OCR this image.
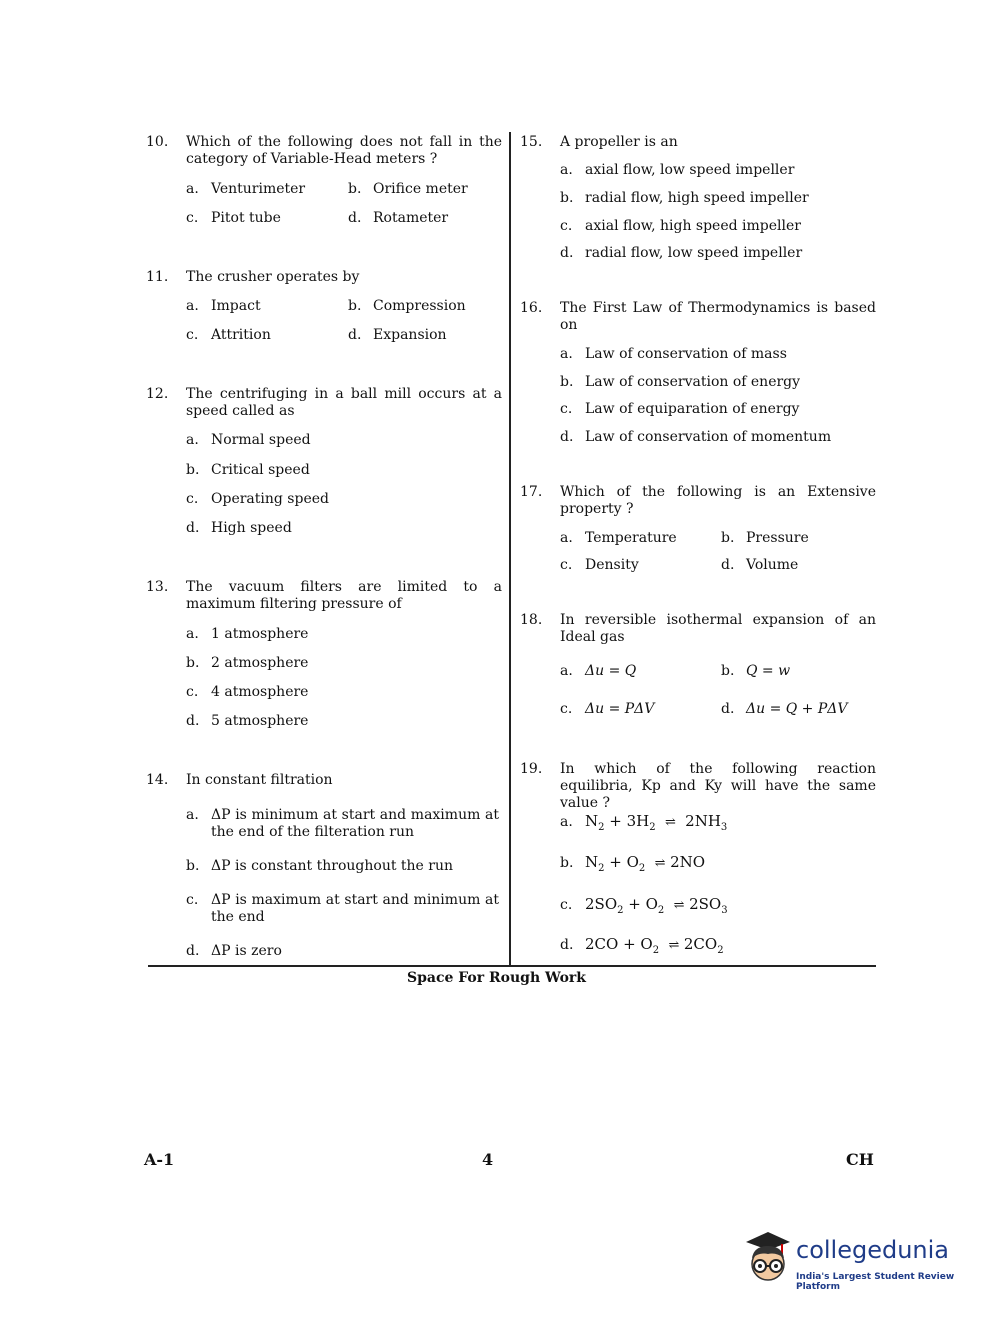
10.	Which of the following does not fall in the category of Variable-Head meters ?
a. Venturimeter	b. Orifice meter
c. Pitot tube	d. Rotameter
11.	The crusher operates by
a. Impact	b. Compression
c. Attrition	d. Expansion
12.	The centrifuging in a ball mill occurs at a speed called as
a. Normal speed
b. Critical speed
c. Operating speed
d. High speed
13.	The vacuum filters are limited to a maximum filtering pressure of
a. 1 atmosphere
b. 2 atmosphere
c. 4 atmosphere
d. 5 atmosphere
14.	In constant filtration
a. ΔP is minimum at start and maximum at the end of the filteration run
b. ΔP is constant throughout the run
c. ΔP is maximum at start and minimum at the end
d. ΔP is zero
15.	A propeller is an
a. axial flow, low speed impeller
b. radial flow, high speed impeller
c. axial flow, high speed impeller
d. radial flow, low speed impeller
16.	The First Law of Thermodynamics is based on
a. Law of conservation of mass
b. Law of conservation of energy
c. Law of equiparation of energy
d. Law of conservation of momentum
17.	Which of the following is an Extensive property ?
a. Temperature	b. Pressure
c. Density	d. Volume
18.	In reversible isothermal expansion of an Ideal gas
a. Δu = Q	b. Q = w
c. Δu = PΔV	d. Δu = Q + PΔV
19.	In which of the following reaction equilibria, Kp and Ky will have the same value ?
a. $N_2 + 3H_2$ ⇌ $2NH_3$
b. $N_2 + O_2$ ⇌ 2NO
c. $2SO_2 + O_2$ ⇌ $2SO_3$
d. $2CO + O_2$ ⇌ $2CO_2$
Space For Rough Work
A-1	4	CH
collegedunia
India's Largest Student Review Platform
